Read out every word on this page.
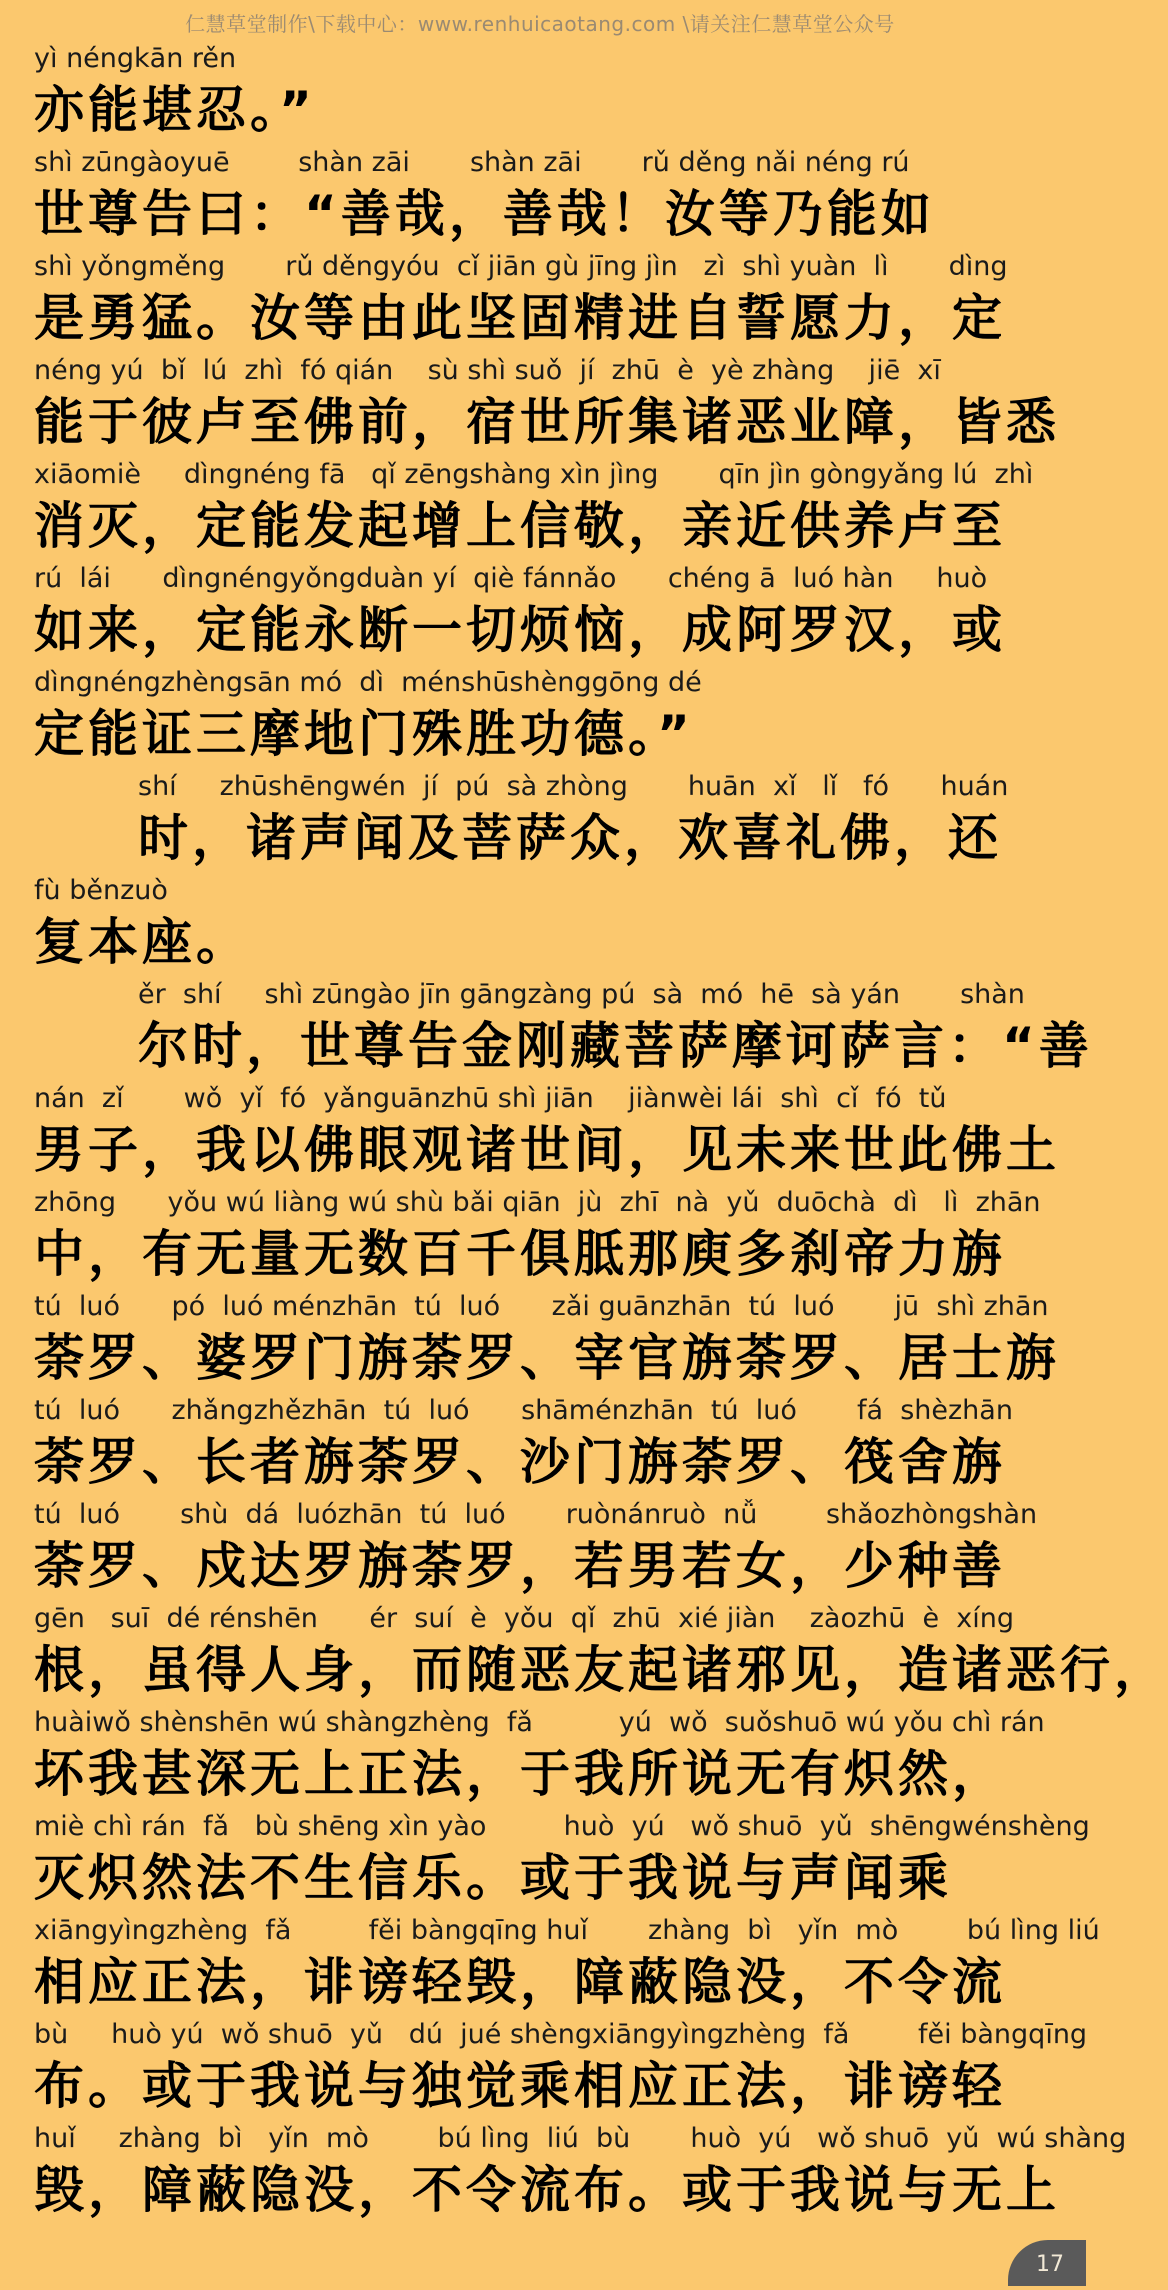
仁慧草堂制作\下载中心：www.renhuicaotang.com \请关注仁慧草堂公众号
yì néngkān rěn
亦能堪忍。”
shì zūngàoyuē        shàn zāi       shàn zāi       rǔ děng nǎi néng rú
世尊告曰：“善哉，善哉！汝等乃能如
shì yǒngměng       rǔ děngyóu  cǐ jiān gù jīng jìn   zì  shì yuàn  lì       dìng
是勇猛。汝等由此坚固精进自誓愿力，定
néng yú  bǐ  lú  zhì  fó qián    sù shì suǒ  jí  zhū  è  yè zhàng    jiē  xī
能于彼卢至佛前，宿世所集诸恶业障，皆悉
xiāomiè     dìngnéng fā   qǐ zēngshàng xìn jìng       qīn jìn gòngyǎng lú  zhì
消灭，定能发起增上信敬，亲近供养卢至
rú  lái      dìngnéngyǒngduàn yí  qiè fánnǎo      chéng ā  luó hàn     huò
如来，定能永断一切烦恼，成阿罗汉，或
dìngnéngzhèngsān mó  dì  ménshūshènggōng dé
定能证三摩地门殊胜功德。”
shí     zhūshēngwén  jí  pú  sà zhòng       huān  xǐ   lǐ   fó      huán
时，诸声闻及菩萨众，欢喜礼佛，还
fù běnzuò
复本座。
ěr  shí     shì zūngào jīn gāngzàng pú  sà  mó  hē  sà yán       shàn
尔时，世尊告金刚藏菩萨摩诃萨言：“善
nán  zǐ       wǒ  yǐ  fó  yǎnguānzhū shì jiān    jiànwèi lái  shì  cǐ  fó  tǔ
男子，我以佛眼观诸世间，见未来世此佛土
zhōng      yǒu wú liàng wú shù bǎi qiān  jù  zhī  nà  yǔ  duōchà  dì   lì  zhān
中，有无量无数百千俱胝那庾多刹帝力旃
tú  luó      pó  luó ménzhān  tú  luó      zǎi guānzhān  tú  luó       jū  shì zhān
荼罗、婆罗门旃荼罗、宰官旃荼罗、居士旃
tú  luó      zhǎngzhězhān  tú  luó      shāménzhān  tú  luó       fá  shèzhān
荼罗、长者旃荼罗、沙门旃荼罗、筏舍旃
tú  luó       shù  dá  luózhān  tú  luó       ruònánruò  nǚ        shǎozhòngshàn
荼罗、戍达罗旃荼罗，若男若女，少种善
gēn   suī  dé rénshēn      ér  suí  è  yǒu  qǐ  zhū  xié jiàn    zàozhū  è  xíng
根，虽得人身，而随恶友起诸邪见，造诸恶行，
huàiwǒ shènshēn wú shàngzhèng  fǎ          yú  wǒ  suǒshuō wú yǒu chì rán
坏我甚深无上正法，于我所说无有炽然，
miè chì rán  fǎ   bù shēng xìn yào         huò  yú   wǒ shuō  yǔ  shēngwénshèng
灭炽然法不生信乐。或于我说与声闻乘
xiāngyìngzhèng  fǎ         fěi bàngqīng huǐ       zhàng  bì   yǐn  mò        bú lìng liú
相应正法，诽谤轻毁，障蔽隐没，不令流
bù     huò yú  wǒ shuō  yǔ   dú  jué shèngxiāngyìngzhèng  fǎ        fěi bàngqīng
布。或于我说与独觉乘相应正法，诽谤轻
huǐ     zhàng  bì   yǐn  mò        bú lìng  liú  bù       huò  yú   wǒ shuō  yǔ  wú shàng
毁，障蔽隐没，不令流布。或于我说与无上
17
